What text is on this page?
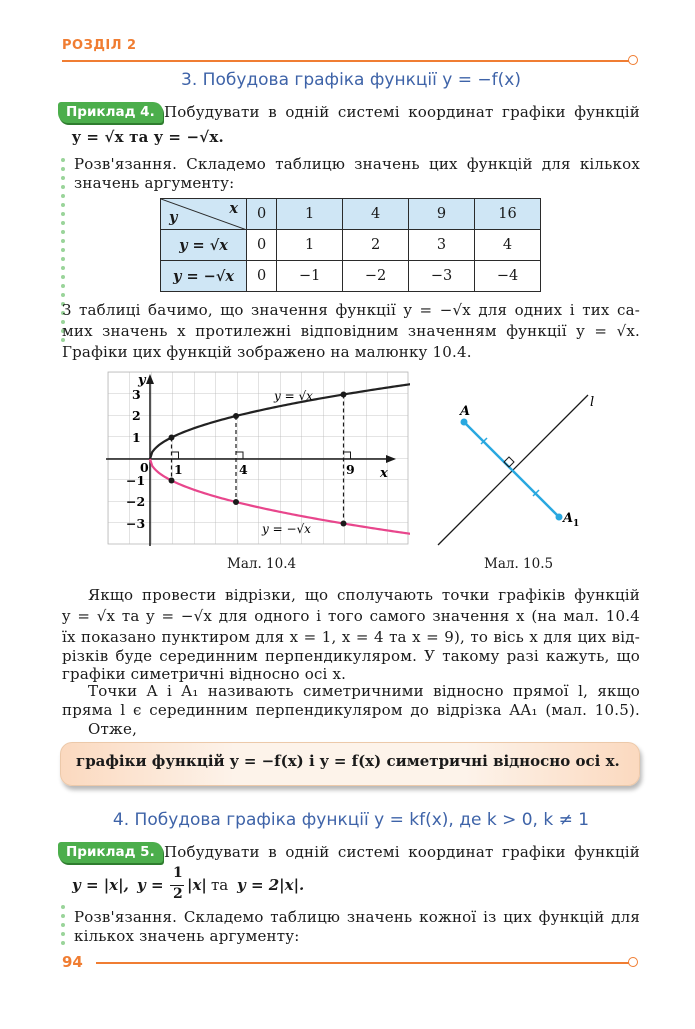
РОЗДІЛ 2
3. Побудова графіка функції y = −f(x)
Приклад 4. Побудувати в одній системі координат графіки функцій
y = √x та y = −√x.
Розв'язання. Складемо таблицю значень цих функцій для кількох
значень аргументу:
x
y	0	1	4	9	16
y = √x	0	1	2	3	4
y = −√x	0	−1	−2	−3	−4
З таблиці бачимо, що значення функції y = −√x для одних і тих са-
мих значень x протилежні відповідним значенням функції y = √x.
Графіки цих функцій зображено на малюнку 10.4.
y
x
0 1	4	9
3
2
1
−1
−2
−3
y = √x
y = −√x
Мал. 10.4
l
A
A 1
Мал. 10.5
Якщо провести відрізки, що сполучають точки графіків функцій
y = √x та y = −√x для одного і того самого значення x (на мал. 10.4
їх показано пунктиром для x = 1, x = 4 та x = 9), то вісь x для цих від-
різків буде серединним перпендикуляром. У такому разі кажуть, що
графіки симетричні відносно осі x.
Точки A і A₁ називають симетричними відносно прямої l, якщо
пряма l є серединним перпендикуляром до відрізка AA₁ (мал. 10.5).
Отже,
графіки функцій y = −f(x) і y = f(x) симетричні відносно осі x.
4. Побудова графіка функції y = kf(x), де k > 0, k ≠ 1
Приклад 5. Побудувати в одній системі координат графіки функцій
y = |x|, y =
1
2 |x| та y = 2|x|.
Розв'язання. Складемо таблицю значень кожної із цих функцій для
кількох значень аргументу:
94
